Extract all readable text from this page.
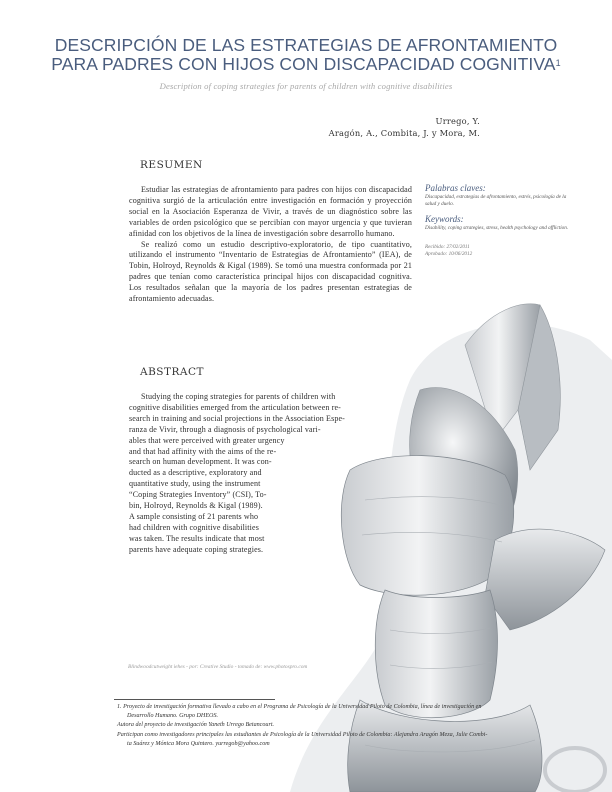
DESCRIPCIÓN DE LAS ESTRATEGIAS DE AFRONTAMIENTO
PARA PADRES CON HIJOS CON DISCAPACIDAD COGNITIVA$^1$
Description of coping strategies for parents of children with cognitive disabilities
Urrego, Y.
Aragón, A., Combita, J. y Mora, M.
RESUMEN

Estudiar las estrategias de afrontamiento para padres con hijos con discapacidad cognitiva surgió de la articulación entre investigación en formación y proyección social en la Asociación Esperanza de Vivir, a través de un diagnóstico sobre las variables de orden psicológico que se percibían con mayor urgencia y que tuvieran afinidad con los objetivos de la línea de investigación sobre desarrollo humano.

Se realizó como un estudio descriptivo-exploratorio, de tipo cuantitativo, utilizando el instrumento “Inventario de Estrategias de Afrontamiento” (IEA), de Tobin, Holroyd, Reynolds & Kigal (1989). Se tomó una muestra conformada por 21 padres que tenían como característica principal hijos con discapacidad cognitiva. Los resultados señalan que la mayoría de los padres presentan estrategias de afrontamiento adecuadas.

ABSTRACT
Studying the coping strategies for parents of children with
cognitive disabilities emerged from the articulation between re-
search in training and social projections in the Association Espe-
ranza de Vivir, through a diagnosis of psychological vari-
ables that were perceived with greater urgency
and that had affinity with the aims of the re-
search on human development. It was con-
ducted as a descriptive, exploratory and
quantitative study, using the instrument
“Coping Strategies Inventory” (CSI), To-
bin, Holroyd, Reynolds & Kigal (1989).
A sample consisting of 21 parents who
had children with cognitive disabilities
was taken. The results indicate that most
parents have adequate coping strategies.
Palabras claves:
Discapacidad, estrategias de afrontamiento, estrés, psicología de la salud y duelo.
Keywords:
Disability, coping strategies, stress, health psychology and affliction.
Recibido: 27/02/2011
Aprobado: 10/06/2012
Blindwoodcutweight iehes - por: Creative Studio - tomado de: www.photospro.com
1. Proyecto de investigación formativa llevado a cabo en el Programa de Psicología de la Universidad Piloto de Colombia, línea de investigación en
Desarrollo Humano. Grupo DHEOS.
Autora del proyecto de investigación Yaneth Urrego Betancourt.
Participan como investigadores principales las estudiantes de Psicología de la Universidad Piloto de Colombia: Alejandra Aragón Meza, Julie Combi-
ta Suárez y Mónica Mora Quintero. yurregob@yahoo.com
